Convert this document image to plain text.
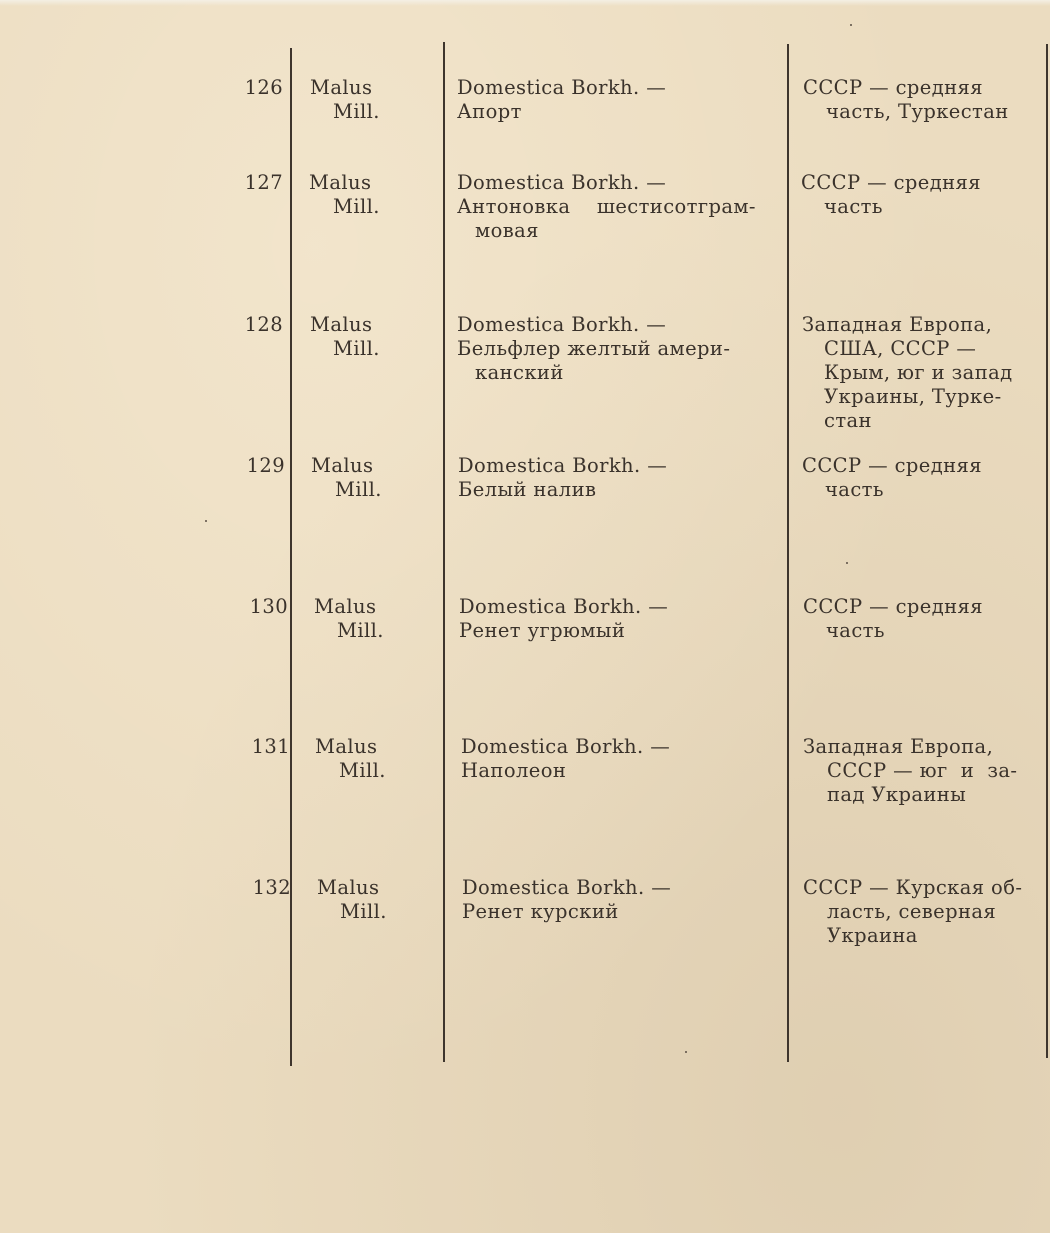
126 Malus
Mill.
Domestica Borkh. —
Апорт
СССР — средняя
часть, Туркестан
127 Malus
Mill.
Domestica Borkh. —
Антоновка    шестисотграм-
мовая
СССР — средняя
часть
128 Malus
Mill.
Domestica Borkh. —
Бельфлер желтый амери-
канский
Западная Европа,
США, СССР —
Крым, юг и запад
Украины, Турке-
стан
129 Malus
Mill.
Domestica Borkh. —
Белый налив
СССР — средняя
часть
130 Malus
Mill.
Domestica Borkh. —
Ренет угрюмый
СССР — средняя
часть
131 Malus
Mill.
Domestica Borkh. —
Наполеон
Западная Европа,
СССР — юг  и  за-
пад Украины
132 Malus
Mill.
Domestica Borkh. —
Ренет курский
СССР — Курская об-
ласть, северная
Украина
